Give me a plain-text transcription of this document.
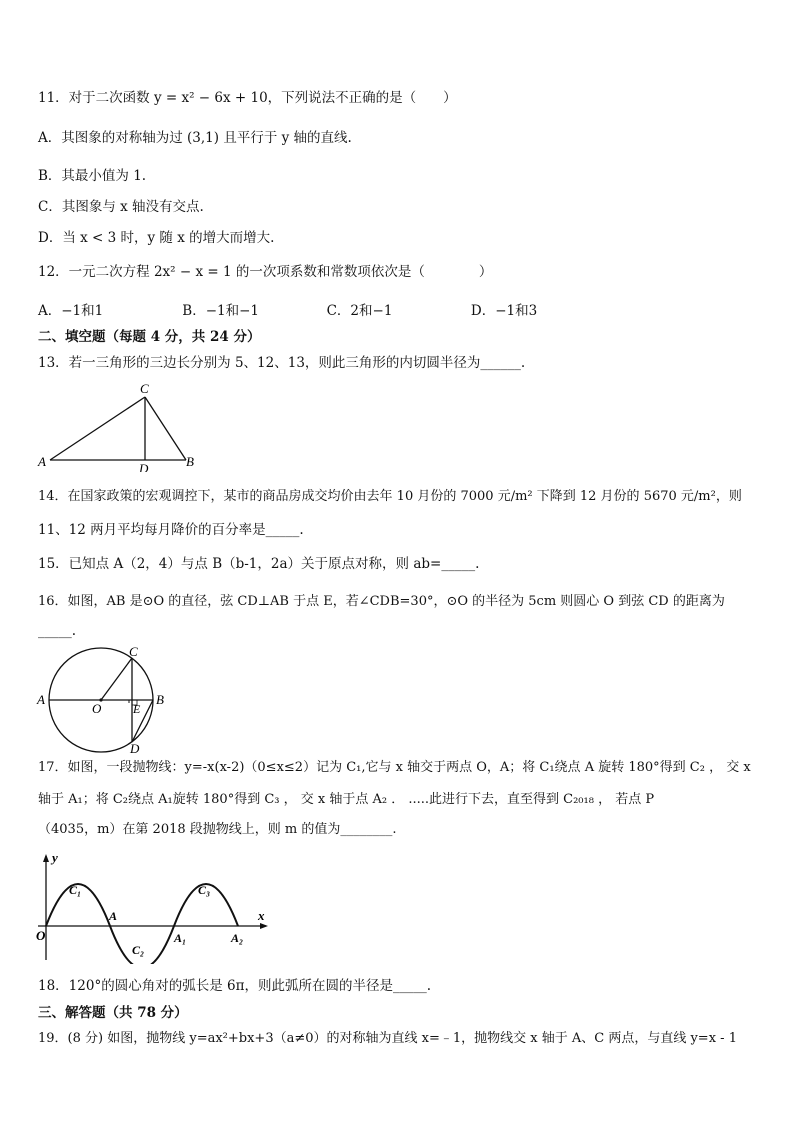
11．对于二次函数 y = x² − 6x + 10，下列说法不正确的是（　　）
A．其图象的对称轴为过 (3,1) 且平行于 y 轴的直线.
B．其最小值为 1.
C．其图象与 x 轴没有交点.
D．当 x < 3 时，y 随 x 的增大而增大.
12．一元二次方程 2x² − x = 1 的一次项系数和常数项依次是（　　　　）
A．−1和1	B．−1和−1	C．2和−1	D．−1和3
二、填空题（每题 4 分，共 24 分）
13．若一三角形的三边长分别为 5、12、13，则此三角形的内切圆半径为______.
A	B
C
D
14．在国家政策的宏观调控下，某市的商品房成交均价由去年 10 月份的 7000 元/m² 下降到 12 月份的 5670 元/m²，则
11、12 两月平均每月降价的百分率是_____.
15．已知点 A（2，4）与点 B（b-1，2a）关于原点对称，则 ab=_____.
16．如图，AB 是⊙O 的直径，弦 CD⊥AB 于点 E，若∠CDB=30°，⊙O 的半径为 5cm 则圆心 O 到弦 CD 的距离为
_____.
A	B
C
D
E
O
17．如图，一段抛物线：y=-x(x-2)（0≤x≤2）记为 C₁,它与 x 轴交于两点 O，A；将 C₁绕点 A 旋转 180°得到 C₂ ， 交 x
轴于 A₁；将 C₂绕点 A₁旋转 180°得到 C₃ ， 交 x 轴于点 A₂ ． .....此进行下去，直至得到 C₂₀₁₈ ， 若点 P
（4035，m）在第 2018 段抛物线上，则 m 的值为________.
y
x
O
A
A₁	A₂
C₁
C₂
C₃
18．120°的圆心角对的弧长是 6π，则此弧所在圆的半径是_____.
三、解答题（共 78 分）
19．(8 分) 如图，抛物线 y=ax²+bx+3（a≠0）的对称轴为直线 x=﹣1，抛物线交 x 轴于 A、C 两点，与直线 y=x - 1
